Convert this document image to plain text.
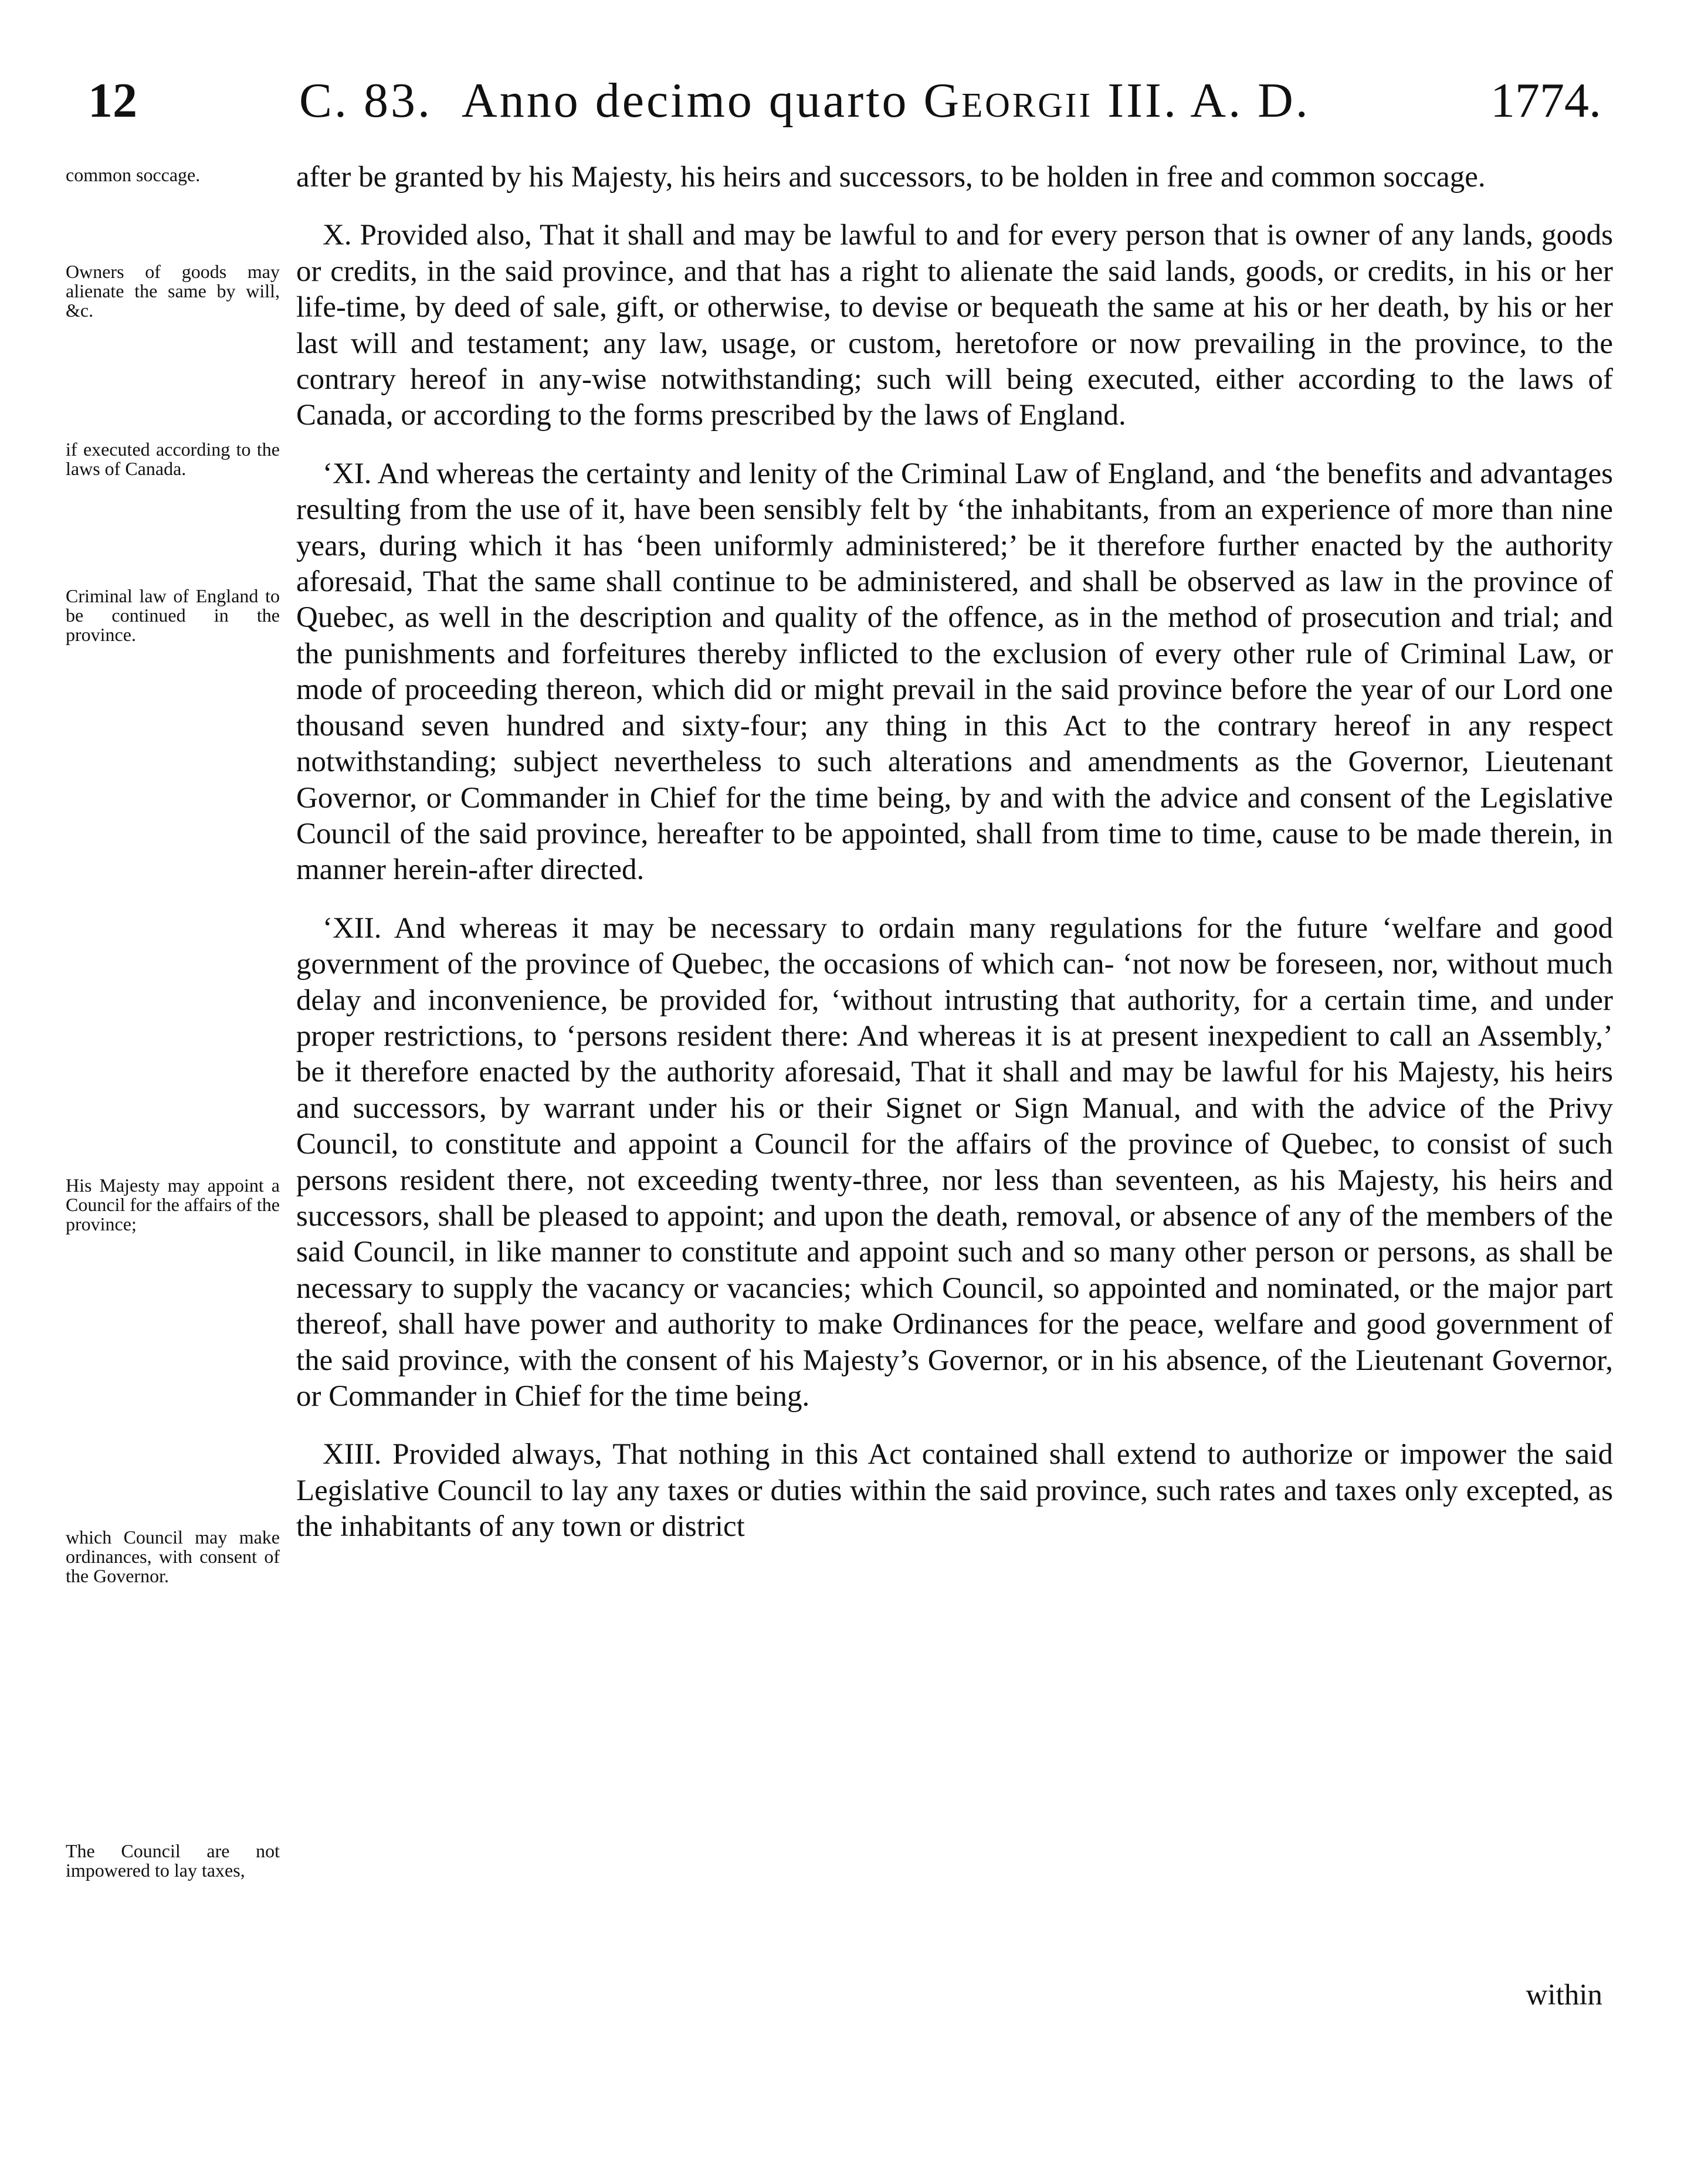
12	C. 83. Anno decimo quarto Georgii III. A. D.	1774.
common soccage.
Owners of goods may alienate the same by will, &c.
if executed according to the laws of Canada.
Criminal law of England to be continued in the province.
His Majesty may appoint a Council for the affairs of the province;
which Council may make ordinances, with consent of the Governor.
The Council are not impowered to lay taxes,

after be granted by his Majesty, his heirs and successors, to be holden in free and common soccage.

X. Provided also, That it shall and may be lawful to and for every person that is owner of any lands, goods or credits, in the said province, and that has a right to alienate the said lands, goods, or credits, in his or her life-time, by deed of sale, gift, or otherwise, to devise or bequeath the same at his or her death, by his or her last will and testament; any law, usage, or custom, heretofore or now prevailing in the province, to the contrary hereof in any-wise notwithstanding; such will being executed, either according to the laws of Canada, or according to the forms prescribed by the laws of England.

‘XI. And whereas the certainty and lenity of the Criminal Law of England, and ‘the benefits and advantages resulting from the use of it, have been sensibly felt by ‘the inhabitants, from an experience of more than nine years, during which it has ‘been uniformly administered;’ be it therefore further enacted by the authority aforesaid, That the same shall continue to be administered, and shall be observed as law in the province of Quebec, as well in the description and quality of the offence, as in the method of prosecution and trial; and the punishments and forfeitures thereby inflicted to the exclusion of every other rule of Criminal Law, or mode of proceeding thereon, which did or might prevail in the said province before the year of our Lord one thousand seven hundred and sixty-four; any thing in this Act to the contrary hereof in any respect notwithstanding; subject nevertheless to such alterations and amendments as the Governor, Lieutenant Governor, or Commander in Chief for the time being, by and with the advice and consent of the Legislative Council of the said province, hereafter to be appointed, shall from time to time, cause to be made therein, in manner herein-after directed.

‘XII. And whereas it may be necessary to ordain many regulations for the future ‘welfare and good government of the province of Quebec, the occasions of which can- ‘not now be foreseen, nor, without much delay and inconvenience, be provided for, ‘without intrusting that authority, for a certain time, and under proper restrictions, to ‘persons resident there: And whereas it is at present inexpedient to call an Assembly,’ be it therefore enacted by the authority aforesaid, That it shall and may be lawful for his Majesty, his heirs and successors, by warrant under his or their Signet or Sign Manual, and with the advice of the Privy Council, to constitute and appoint a Council for the affairs of the province of Quebec, to consist of such persons resident there, not exceeding twenty-three, nor less than seventeen, as his Majesty, his heirs and successors, shall be pleased to appoint; and upon the death, removal, or absence of any of the members of the said Council, in like manner to constitute and appoint such and so many other person or persons, as shall be necessary to supply the vacancy or vacancies; which Council, so appointed and nominated, or the major part thereof, shall have power and authority to make Ordinances for the peace, welfare and good government of the said province, with the consent of his Majesty’s Governor, or in his absence, of the Lieutenant Governor, or Commander in Chief for the time being.

XIII. Provided always, That nothing in this Act contained shall extend to authorize or impower the said Legislative Council to lay any taxes or duties within the said province, such rates and taxes only excepted, as the inhabitants of any town or district

within
